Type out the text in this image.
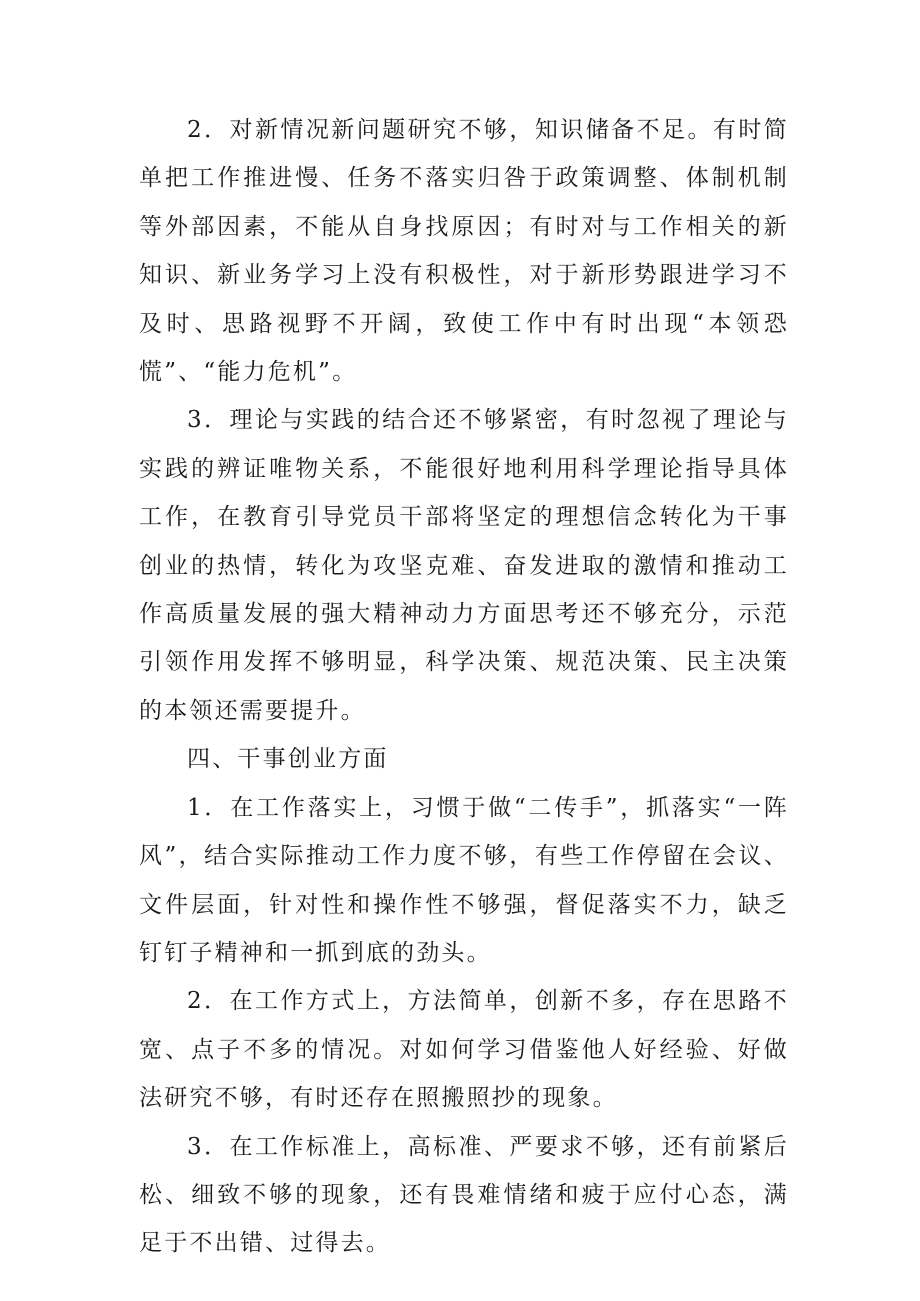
2．对新情况新问题研究不够，知识储备不足。有时简单把工作推进慢、任务不落实归咎于政策调整、体制机制等外部因素，不能从自身找原因；有时对与工作相关的新知识、新业务学习上没有积极性，对于新形势跟进学习不及时、思路视野不开阔，致使工作中有时出现“本领恐慌”、“能力危机”。

3．理论与实践的结合还不够紧密，有时忽视了理论与实践的辨证唯物关系，不能很好地利用科学理论指导具体工作，在教育引导党员干部将坚定的理想信念转化为干事创业的热情，转化为攻坚克难、奋发进取的激情和推动工作高质量发展的强大精神动力方面思考还不够充分，示范引领作用发挥不够明显，科学决策、规范决策、民主决策的本领还需要提升。

四、干事创业方面

1．在工作落实上，习惯于做“二传手”，抓落实“一阵风”，结合实际推动工作力度不够，有些工作停留在会议、文件层面，针对性和操作性不够强，督促落实不力，缺乏钉钉子精神和一抓到底的劲头。

2．在工作方式上，方法简单，创新不多，存在思路不宽、点子不多的情况。对如何学习借鉴他人好经验、好做法研究不够，有时还存在照搬照抄的现象。

3．在工作标准上，高标准、严要求不够，还有前紧后松、细致不够的现象，还有畏难情绪和疲于应付心态，满足于不出错、过得去。
